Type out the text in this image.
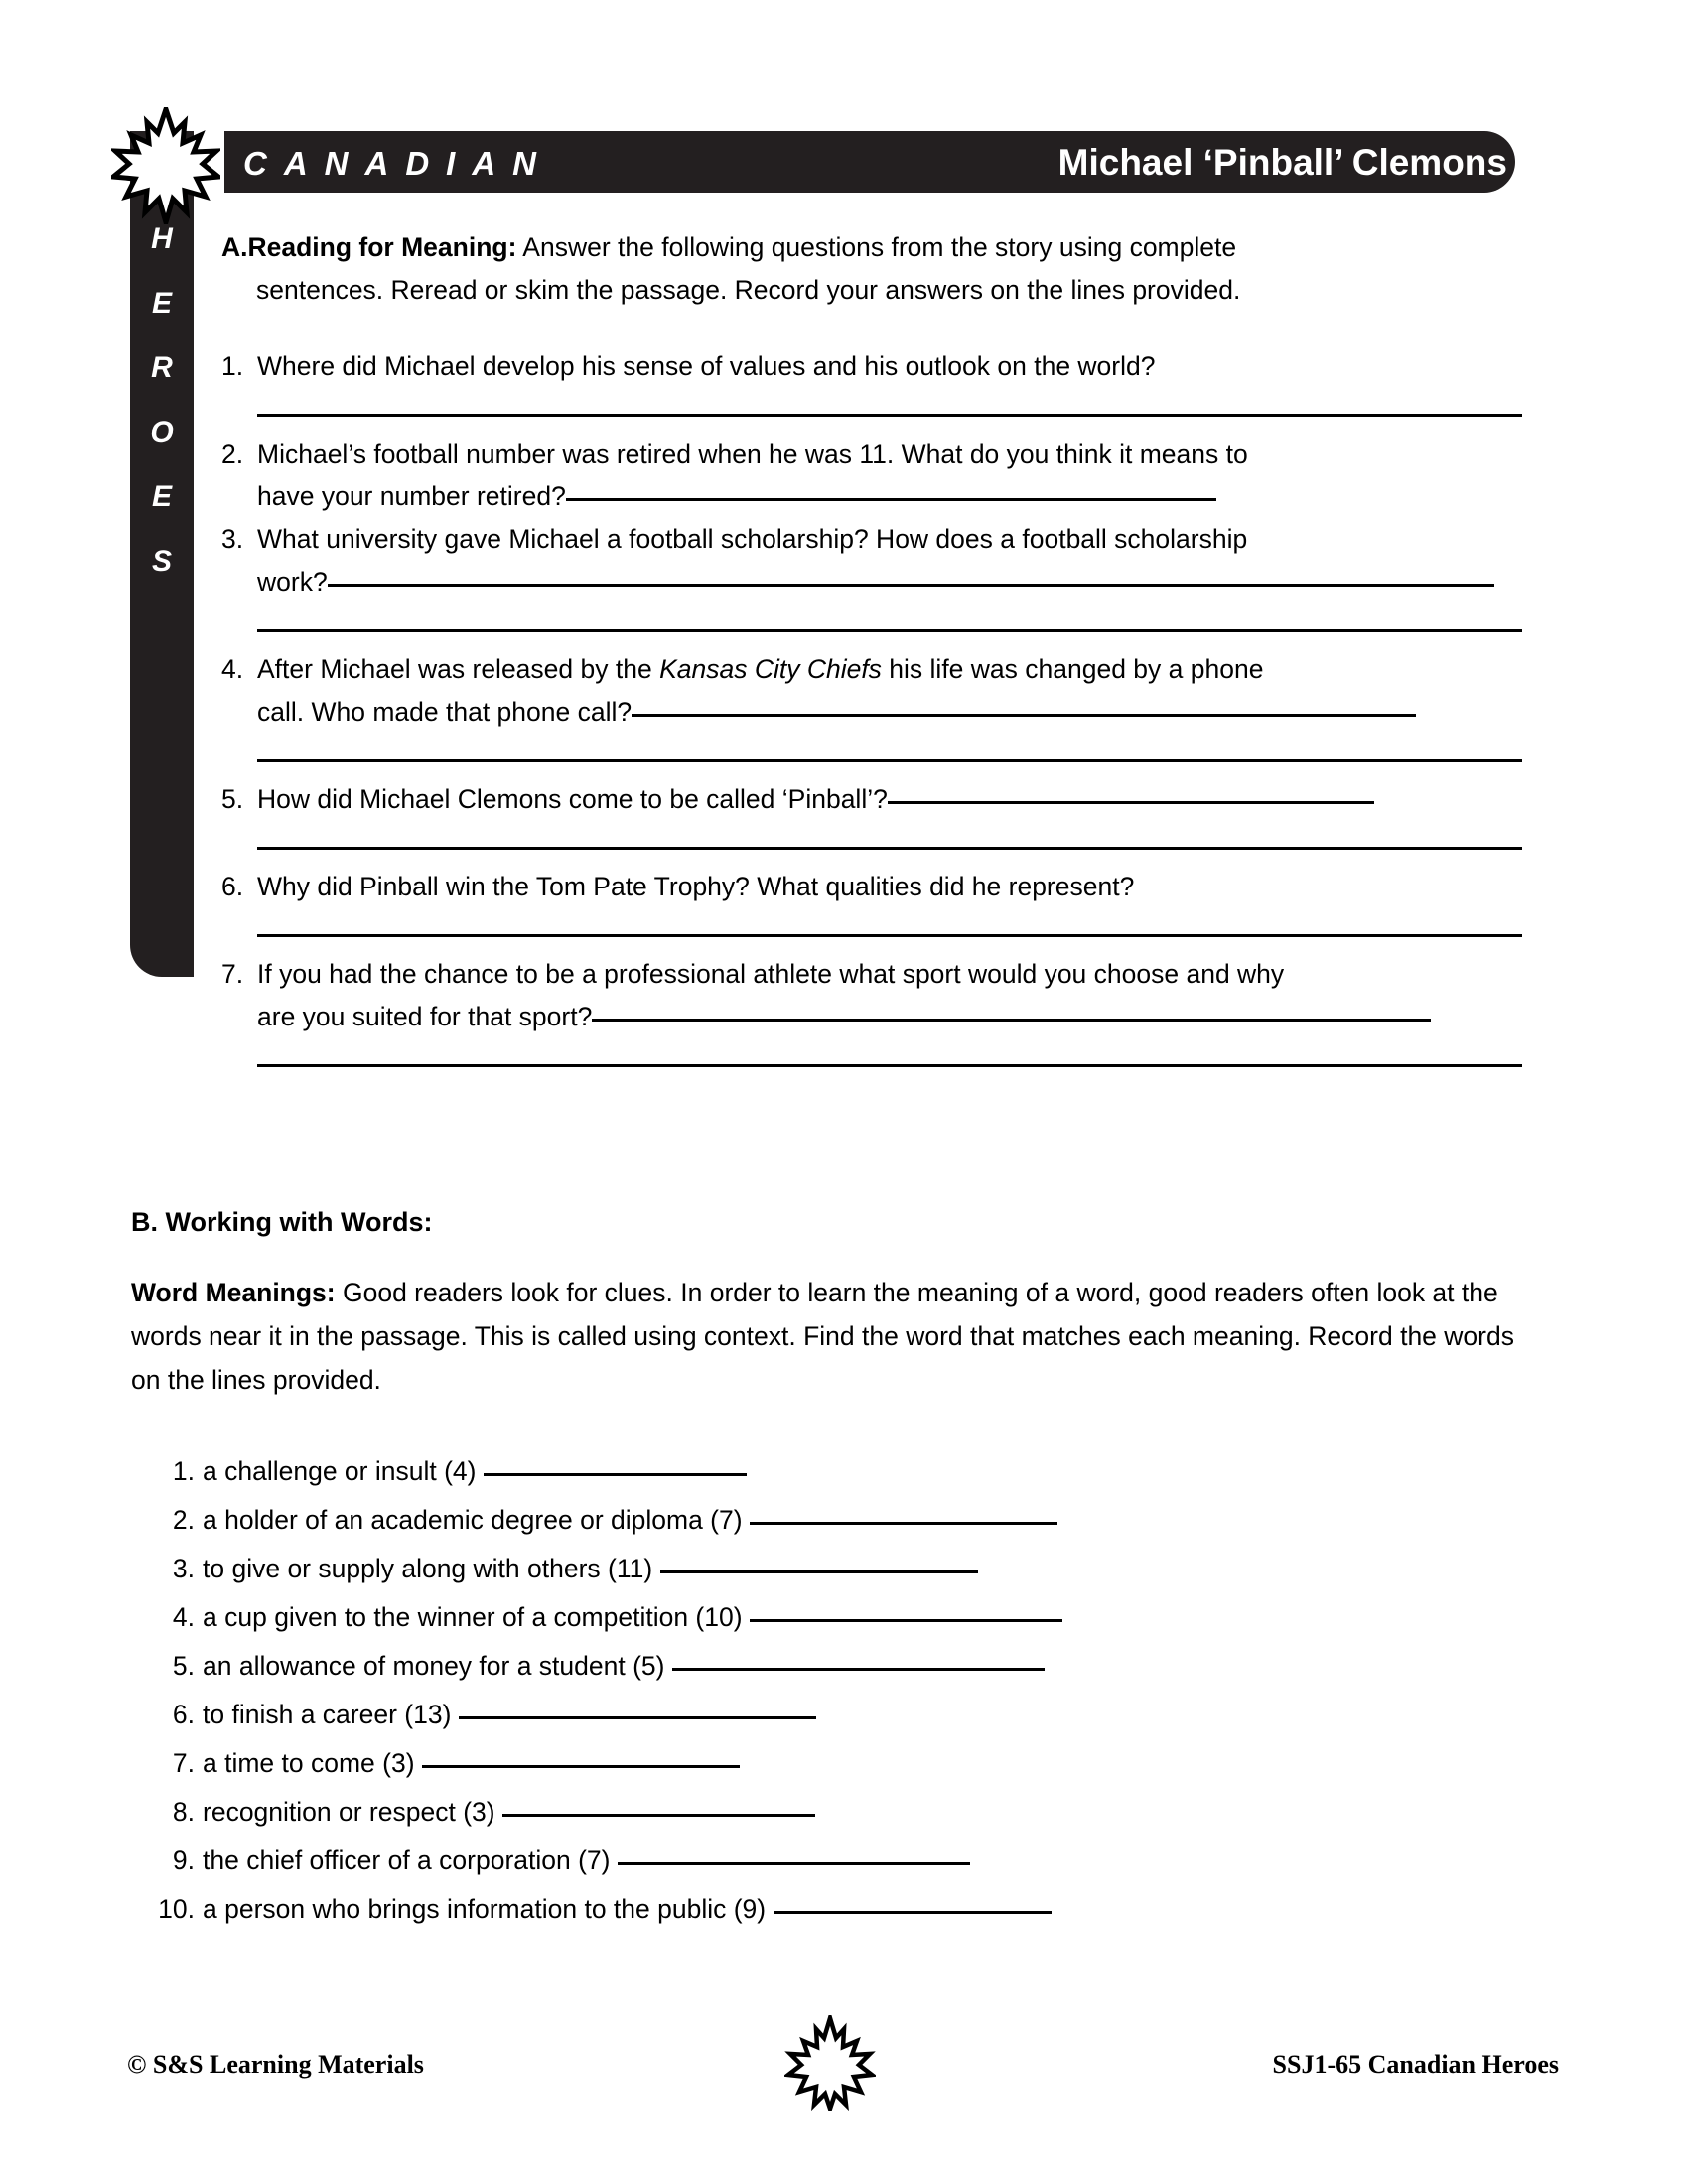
H
E
R
O
E
S
CANADIAN	Michael ‘Pinball’ Clemons
A.Reading for Meaning: Answer the following questions from the story using complete
sentences. Reread or skim the passage. Record your answers on the lines provided.
1. Where did Michael develop his sense of values and his outlook on the world?
2. Michael’s football number was retired when he was 11. What do you think it means to
have your number retired?
3. What university gave Michael a football scholarship? How does a football scholarship
work?
4. After Michael was released by the Kansas City Chiefs his life was changed by a phone
call. Who made that phone call?
5. How did Michael Clemons come to be called ‘Pinball’?
6. Why did Pinball win the Tom Pate Trophy? What qualities did he represent?
7. If you had the chance to be a professional athlete what sport would you choose and why
are you suited for that sport?
B. Working with Words:
Word Meanings: Good readers look for clues. In order to learn the meaning of a word, good readers often look at the words near it in the passage. This is called using context. Find the word that matches each meaning. Record the words on the lines provided.
1. a challenge or insult (4)
2. a holder of an academic degree or diploma (7)
3. to give or supply along with others (11)
4. a cup given to the winner of a competition (10)
5. an allowance of money for a student (5)
6. to finish a career (13)
7. a time to come (3)
8. recognition or respect (3)
9. the chief officer of a corporation (7)
10. a person who brings information to the public (9)
© S&S Learning Materials	SSJ1-65 Canadian Heroes
